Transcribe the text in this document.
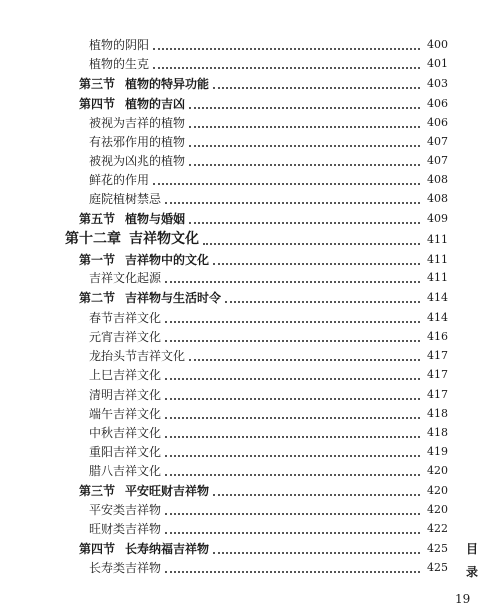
植物的阴阳	400
植物的生克	401
第三节 植物的特异功能	403
第四节 植物的吉凶	406
被视为吉祥的植物	406
有祛邪作用的植物	407
被视为凶兆的植物	407
鲜花的作用	408
庭院植树禁忌	408
第五节 植物与婚姻	409
第十二章 吉祥物文化	411
第一节 吉祥物中的文化	411
吉祥文化起源	411
第二节 吉祥物与生活时令	414
春节吉祥文化	414
元宵吉祥文化	416
龙抬头节吉祥文化	417
上巳吉祥文化	417
清明吉祥文化	417
端午吉祥文化	418
中秋吉祥文化	418
重阳吉祥文化	419
腊八吉祥文化	420
第三节 平安旺财吉祥物	420
平安类吉祥物	420
旺财类吉祥物	422
第四节 长寿纳福吉祥物	425
长寿类吉祥物	425
目
录
19
